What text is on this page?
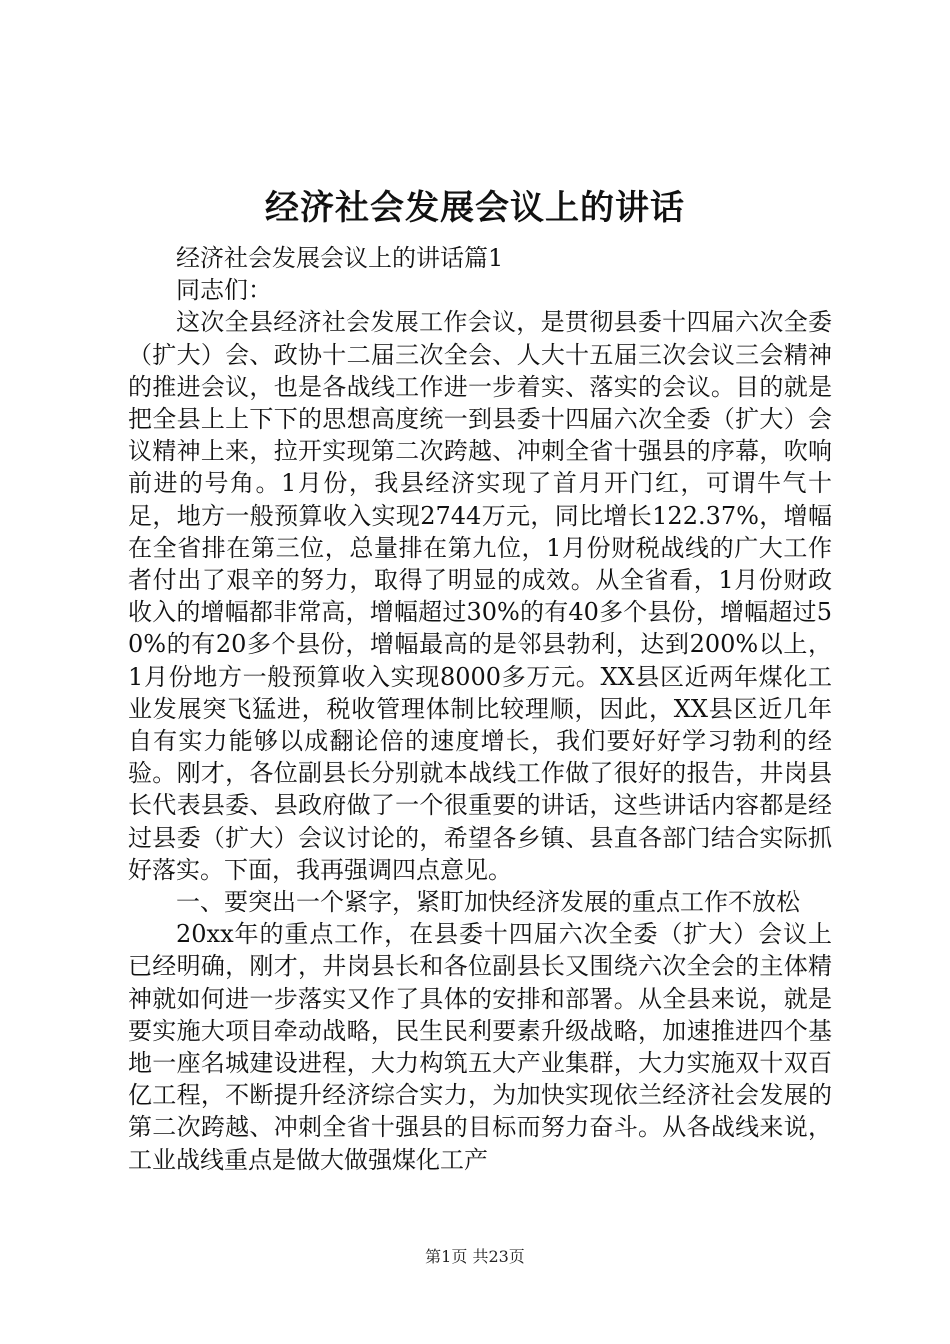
经济社会发展会议上的讲话

经济社会发展会议上的讲话篇1

同志们：

这次全县经济社会发展工作会议，是贯彻县委十四届六次全委（扩大）会、政协十二届三次全会、人大十五届三次会议三会精神的推进会议，也是各战线工作进一步着实、落实的会议。目的就是把全县上上下下的思想高度统一到县委十四届六次全委（扩大）会议精神上来，拉开实现第二次跨越、冲刺全省十强县的序幕，吹响前进的号角。1月份，我县经济实现了首月开门红，可谓牛气十足，地方一般预算收入实现2744万元，同比增长122.37%，增幅在全省排在第三位，总量排在第九位，1月份财税战线的广大工作者付出了艰辛的努力，取得了明显的成效。从全省看，1月份财政收入的增幅都非常高，增幅超过30%的有40多个县份，增幅超过50%的有20多个县份，增幅最高的是邻县勃利，达到200%以上，1月份地方一般预算收入实现8000多万元。XX县区近两年煤化工业发展突飞猛进，税收管理体制比较理顺，因此，XX县区近几年自有实力能够以成翻论倍的速度增长，我们要好好学习勃利的经验。刚才，各位副县长分别就本战线工作做了很好的报告，井岗县长代表县委、县政府做了一个很重要的讲话，这些讲话内容都是经过县委（扩大）会议讨论的，希望各乡镇、县直各部门结合实际抓好落实。下面，我再强调四点意见。

一、要突出一个紧字，紧盯加快经济发展的重点工作不放松

20xx年的重点工作，在县委十四届六次全委（扩大）会议上已经明确，刚才，井岗县长和各位副县长又围绕六次全会的主体精神就如何进一步落实又作了具体的安排和部署。从全县来说，就是要实施大项目牵动战略，民生民利要素升级战略，加速推进四个基地一座名城建设进程，大力构筑五大产业集群，大力实施双十双百亿工程，不断提升经济综合实力，为加快实现依兰经济社会发展的第二次跨越、冲刺全省十强县的目标而努力奋斗。从各战线来说，工业战线重点是做大做强煤化工产

第1页 共23页
